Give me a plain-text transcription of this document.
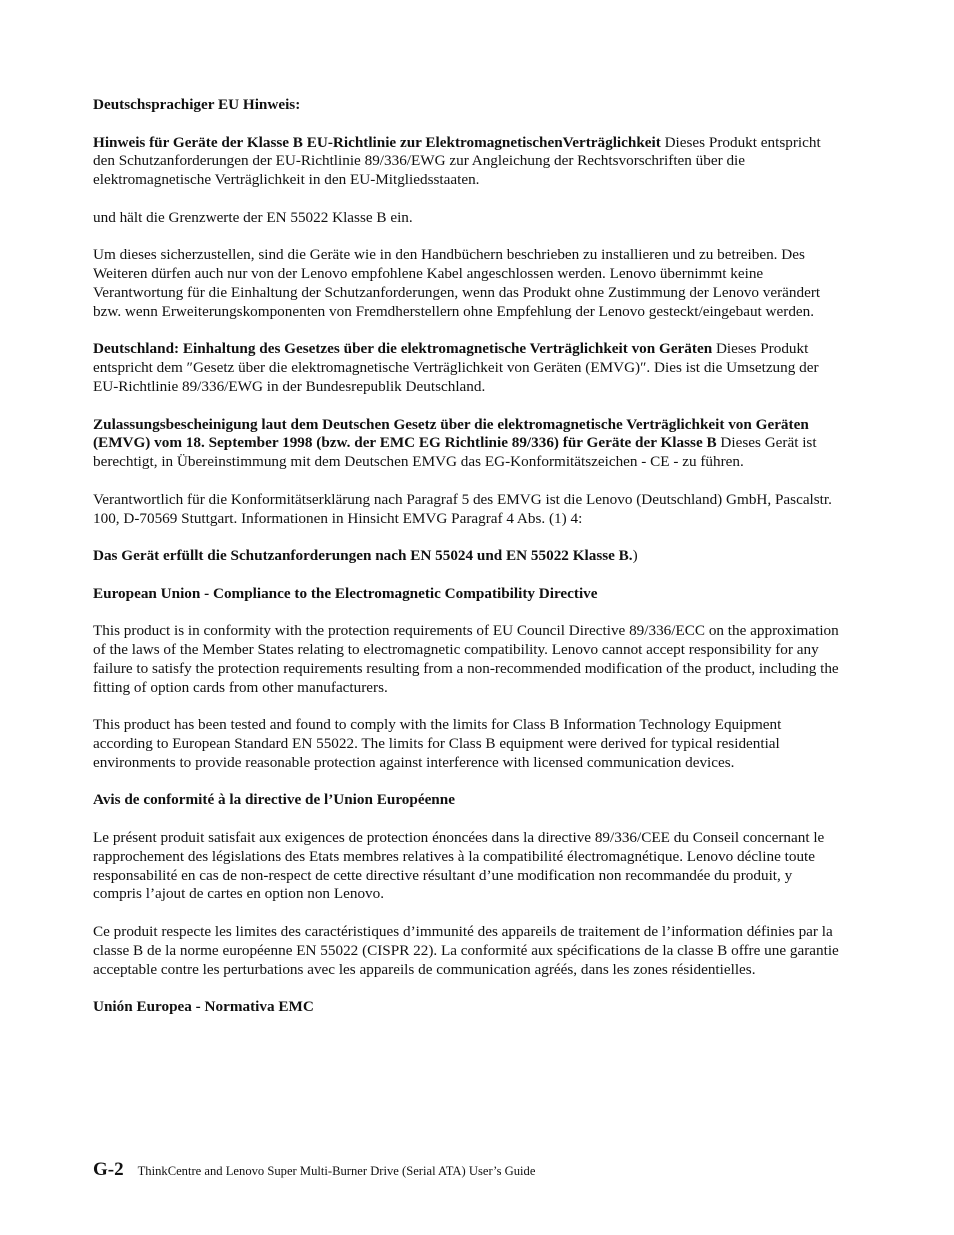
Deutschsprachiger EU Hinweis:

Hinweis für Geräte der Klasse B EU-Richtlinie zur ElektromagnetischenVerträglichkeit Dieses Produkt entspricht den Schutzanforderungen der EU-Richtlinie 89/336/EWG zur Angleichung der Rechtsvorschriften über die elektromagnetische Verträglichkeit in den EU-Mitgliedsstaaten.

und hält die Grenzwerte der EN 55022 Klasse B ein.

Um dieses sicherzustellen, sind die Geräte wie in den Handbüchern beschrieben zu installieren und zu betreiben. Des Weiteren dürfen auch nur von der Lenovo empfohlene Kabel angeschlossen werden. Lenovo übernimmt keine Verantwortung für die Einhaltung der Schutzanforderungen, wenn das Produkt ohne Zustimmung der Lenovo verändert bzw. wenn Erweiterungskomponenten von Fremdherstellern ohne Empfehlung der Lenovo gesteckt/eingebaut werden.

Deutschland: Einhaltung des Gesetzes über die elektromagnetische Verträglichkeit von Geräten Dieses Produkt entspricht dem ″Gesetz über die elektromagnetische Verträglichkeit von Geräten (EMVG)″. Dies ist die Umsetzung der EU-Richtlinie 89/336/EWG in der Bundesrepublik Deutschland.

Zulassungsbescheinigung laut dem Deutschen Gesetz über die elektromagnetische Verträglichkeit von Geräten (EMVG) vom 18. September 1998 (bzw. der EMC EG Richtlinie 89/336) für Geräte der Klasse B Dieses Gerät ist berechtigt, in Übereinstimmung mit dem Deutschen EMVG das EG-Konformitätszeichen - CE - zu führen.

Verantwortlich für die Konformitätserklärung nach Paragraf 5 des EMVG ist die Lenovo (Deutschland) GmbH, Pascalstr. 100, D-70569 Stuttgart. Informationen in Hinsicht EMVG Paragraf 4 Abs. (1) 4:

Das Gerät erfüllt die Schutzanforderungen nach EN 55024 und EN 55022 Klasse B.)

European Union - Compliance to the Electromagnetic Compatibility Directive

This product is in conformity with the protection requirements of EU Council Directive 89/336/ECC on the approximation of the laws of the Member States relating to electromagnetic compatibility. Lenovo cannot accept responsibility for any failure to satisfy the protection requirements resulting from a non-recommended modification of the product, including the fitting of option cards from other manufacturers.

This product has been tested and found to comply with the limits for Class B Information Technology Equipment according to European Standard EN 55022. The limits for Class B equipment were derived for typical residential environments to provide reasonable protection against interference with licensed communication devices.

Avis de conformité à la directive de l’Union Européenne

Le présent produit satisfait aux exigences de protection énoncées dans la directive 89/336/CEE du Conseil concernant le rapprochement des législations des Etats membres relatives à la compatibilité électromagnétique. Lenovo décline toute responsabilité en cas de non-respect de cette directive résultant d’une modification non recommandée du produit, y compris l’ajout de cartes en option non Lenovo.

Ce produit respecte les limites des caractéristiques d’immunité des appareils de traitement de l’information définies par la classe B de la norme européenne EN 55022 (CISPR 22). La conformité aux spécifications de la classe B offre une garantie acceptable contre les perturbations avec les appareils de communication agréés, dans les zones résidentielles.

Unión Europea - Normativa EMC
G-2 ThinkCentre and Lenovo Super Multi-Burner Drive (Serial ATA) User’s Guide
